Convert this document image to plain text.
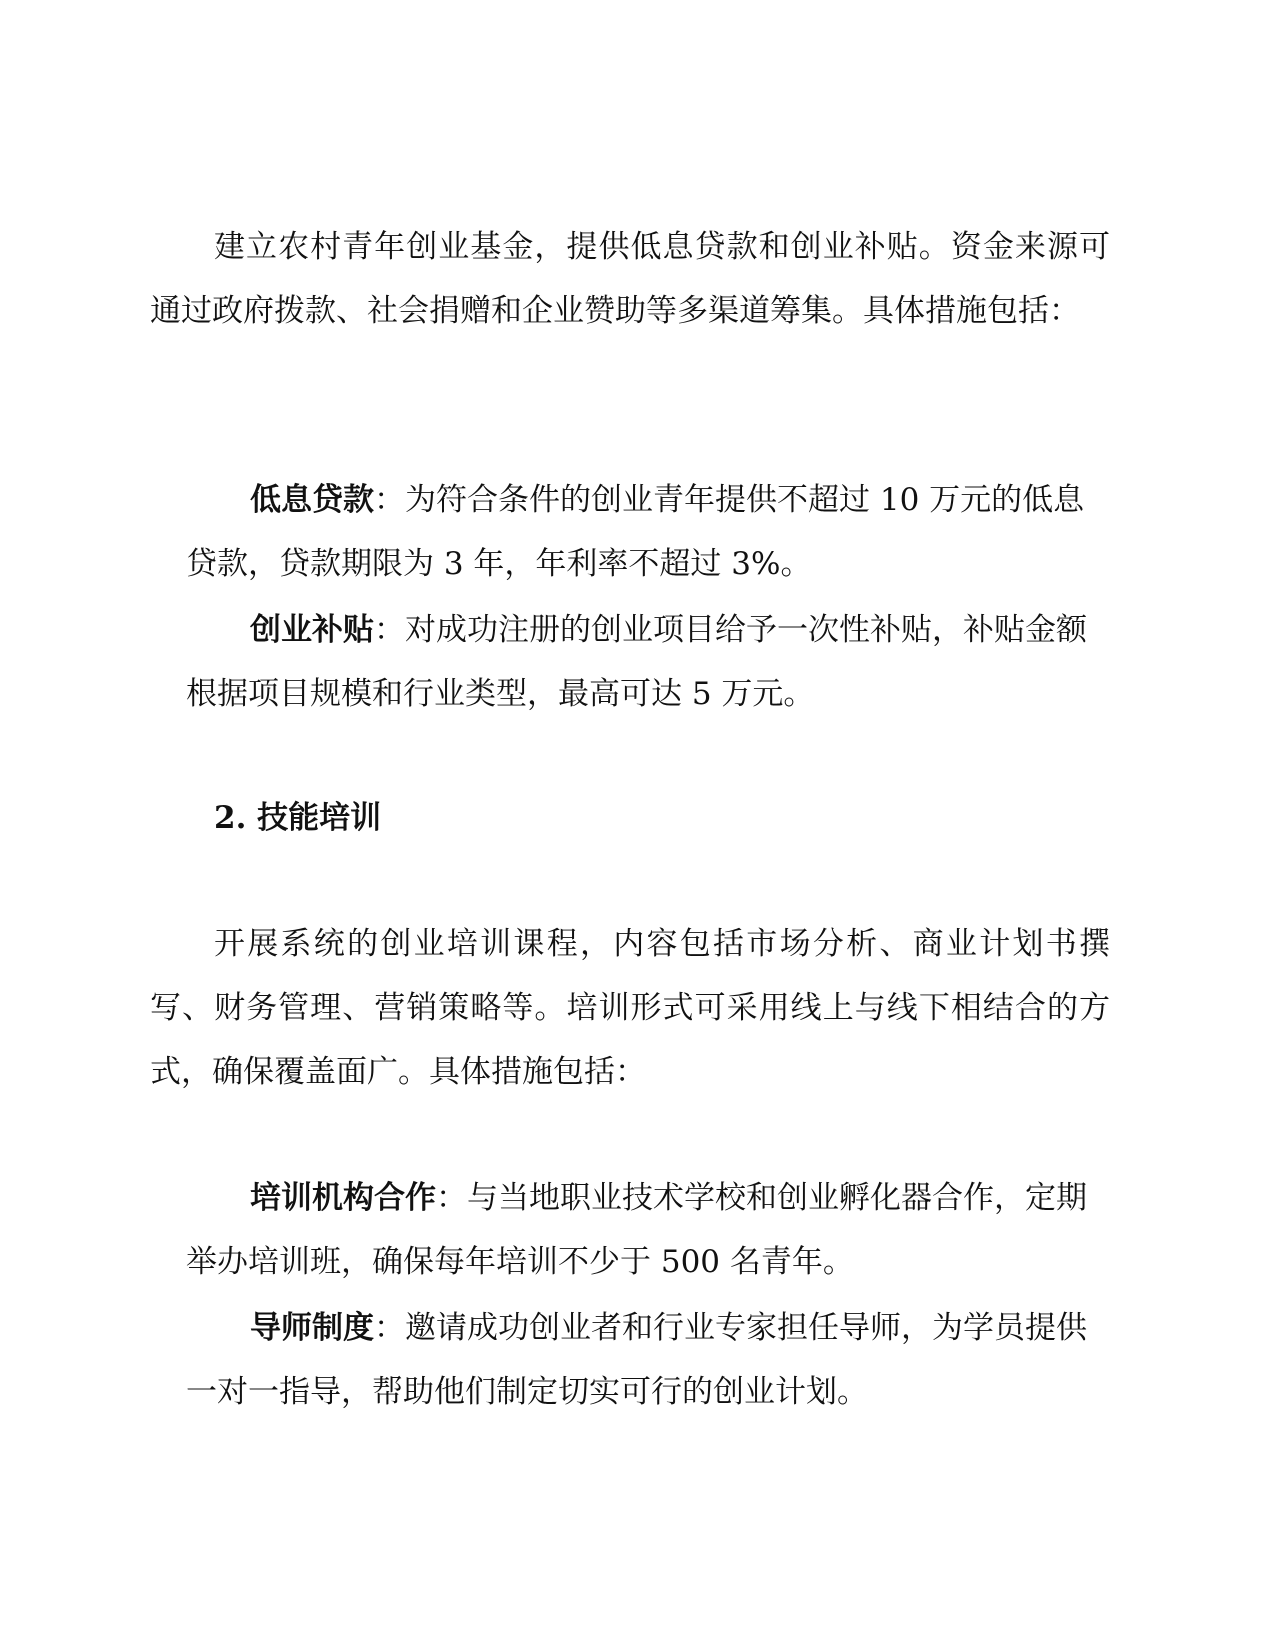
建立农村青年创业基金，提供低息贷款和创业补贴。资金来源可通过政府拨款、社会捐赠和企业赞助等多渠道筹集。具体措施包括：

低息贷款：为符合条件的创业青年提供不超过 10 万元的低息贷款，贷款期限为 3 年，年利率不超过 3%。

创业补贴：对成功注册的创业项目给予一次性补贴，补贴金额根据项目规模和行业类型，最高可达 5 万元。

2. 技能培训

开展系统的创业培训课程，内容包括市场分析、商业计划书撰写、财务管理、营销策略等。培训形式可采用线上与线下相结合的方式，确保覆盖面广。具体措施包括：

培训机构合作：与当地职业技术学校和创业孵化器合作，定期举办培训班，确保每年培训不少于 500 名青年。

导师制度：邀请成功创业者和行业专家担任导师，为学员提供一对一指导，帮助他们制定切实可行的创业计划。
